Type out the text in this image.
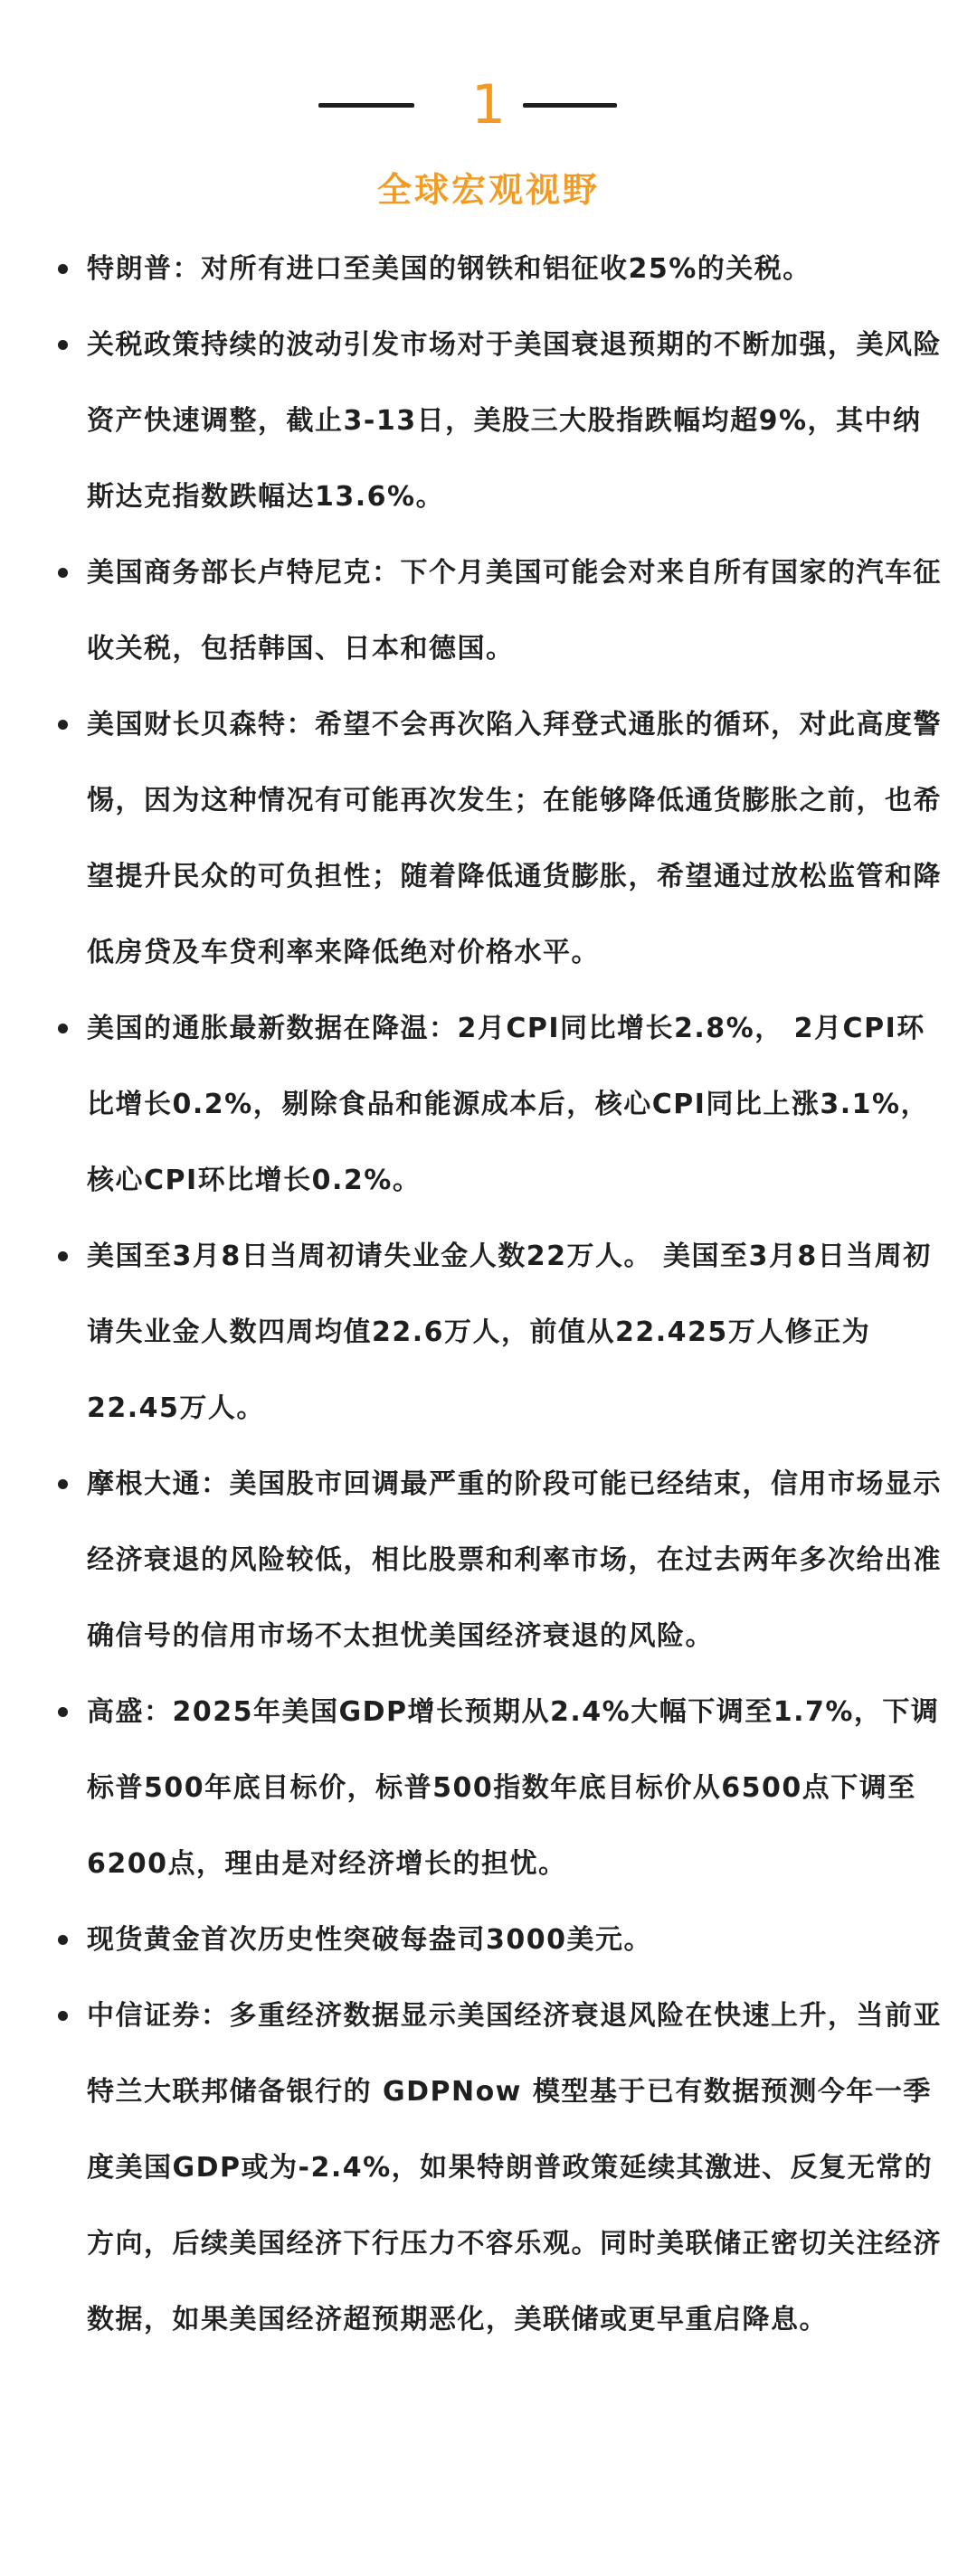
1
全球宏观视野
特朗普：对所有进口至美国的钢铁和铝征收25%的关税。
关税政策持续的波动引发市场对于美国衰退预期的不断加强，美风险资产快速调整，截止3-13日，美股三大股指跌幅均超9%，其中纳斯达克指数跌幅达13.6%。
美国商务部长卢特尼克：下个月美国可能会对来自所有国家的汽车征收关税，包括韩国、日本和德国。
美国财长贝森特：希望不会再次陷入拜登式通胀的循环，对此高度警惕，因为这种情况有可能再次发生；在能够降低通货膨胀之前，也希望提升民众的可负担性；随着降低通货膨胀，希望通过放松监管和降低房贷及车贷利率来降低绝对价格水平。
美国的通胀最新数据在降温：2月CPI同比增长2.8%， 2月CPI环比增长0.2%，剔除食品和能源成本后，核心CPI同比上涨3.1%，核心CPI环比增长0.2%。
美国至3月8日当周初请失业金人数22万人。 美国至3月8日当周初请失业金人数四周均值22.6万人，前值从22.425万人修正为22.45万人。
摩根大通：美国股市回调最严重的阶段可能已经结束，信用市场显示经济衰退的风险较低，相比股票和利率市场，在过去两年多次给出准确信号的信用市场不太担忧美国经济衰退的风险。
高盛：2025年美国GDP增长预期从2.4%大幅下调至1.7%，下调标普500年底目标价，标普500指数年底目标价从6500点下调至6200点，理由是对经济增长的担忧。
现货黄金首次历史性突破每盎司3000美元。
中信证券：多重经济数据显示美国经济衰退风险在快速上升，当前亚特兰大联邦储备银行的 GDPNow 模型基于已有数据预测今年一季度美国GDP或为-2.4%，如果特朗普政策延续其激进、反复无常的方向，后续美国经济下行压力不容乐观。同时美联储正密切关注经济数据，如果美国经济超预期恶化，美联储或更早重启降息。
